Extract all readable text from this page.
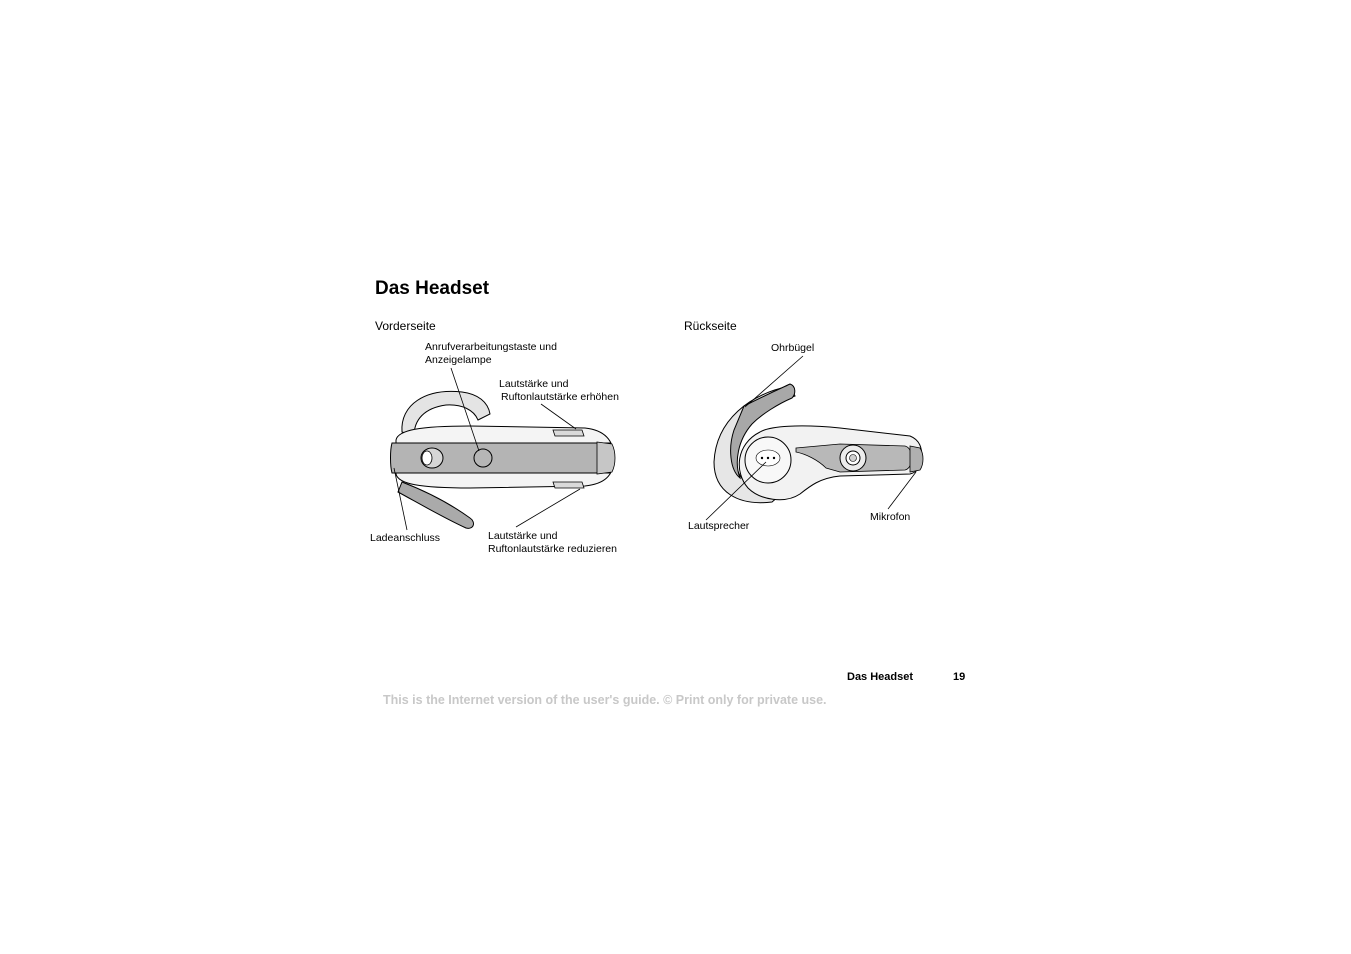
Das Headset
Vorderseite	Rückseite
Anrufverarbeitungstaste und
Anzeigelampe
Lautstärke und
Ruftonlautstärke erhöhen
Ladeanschluss	Lautstärke und
Ruftonlautstärke reduzieren
Ohrbügel
Lautsprecher
Mikrofon
Das Headset	19
This is the Internet version of the user's guide. © Print only for private use.
